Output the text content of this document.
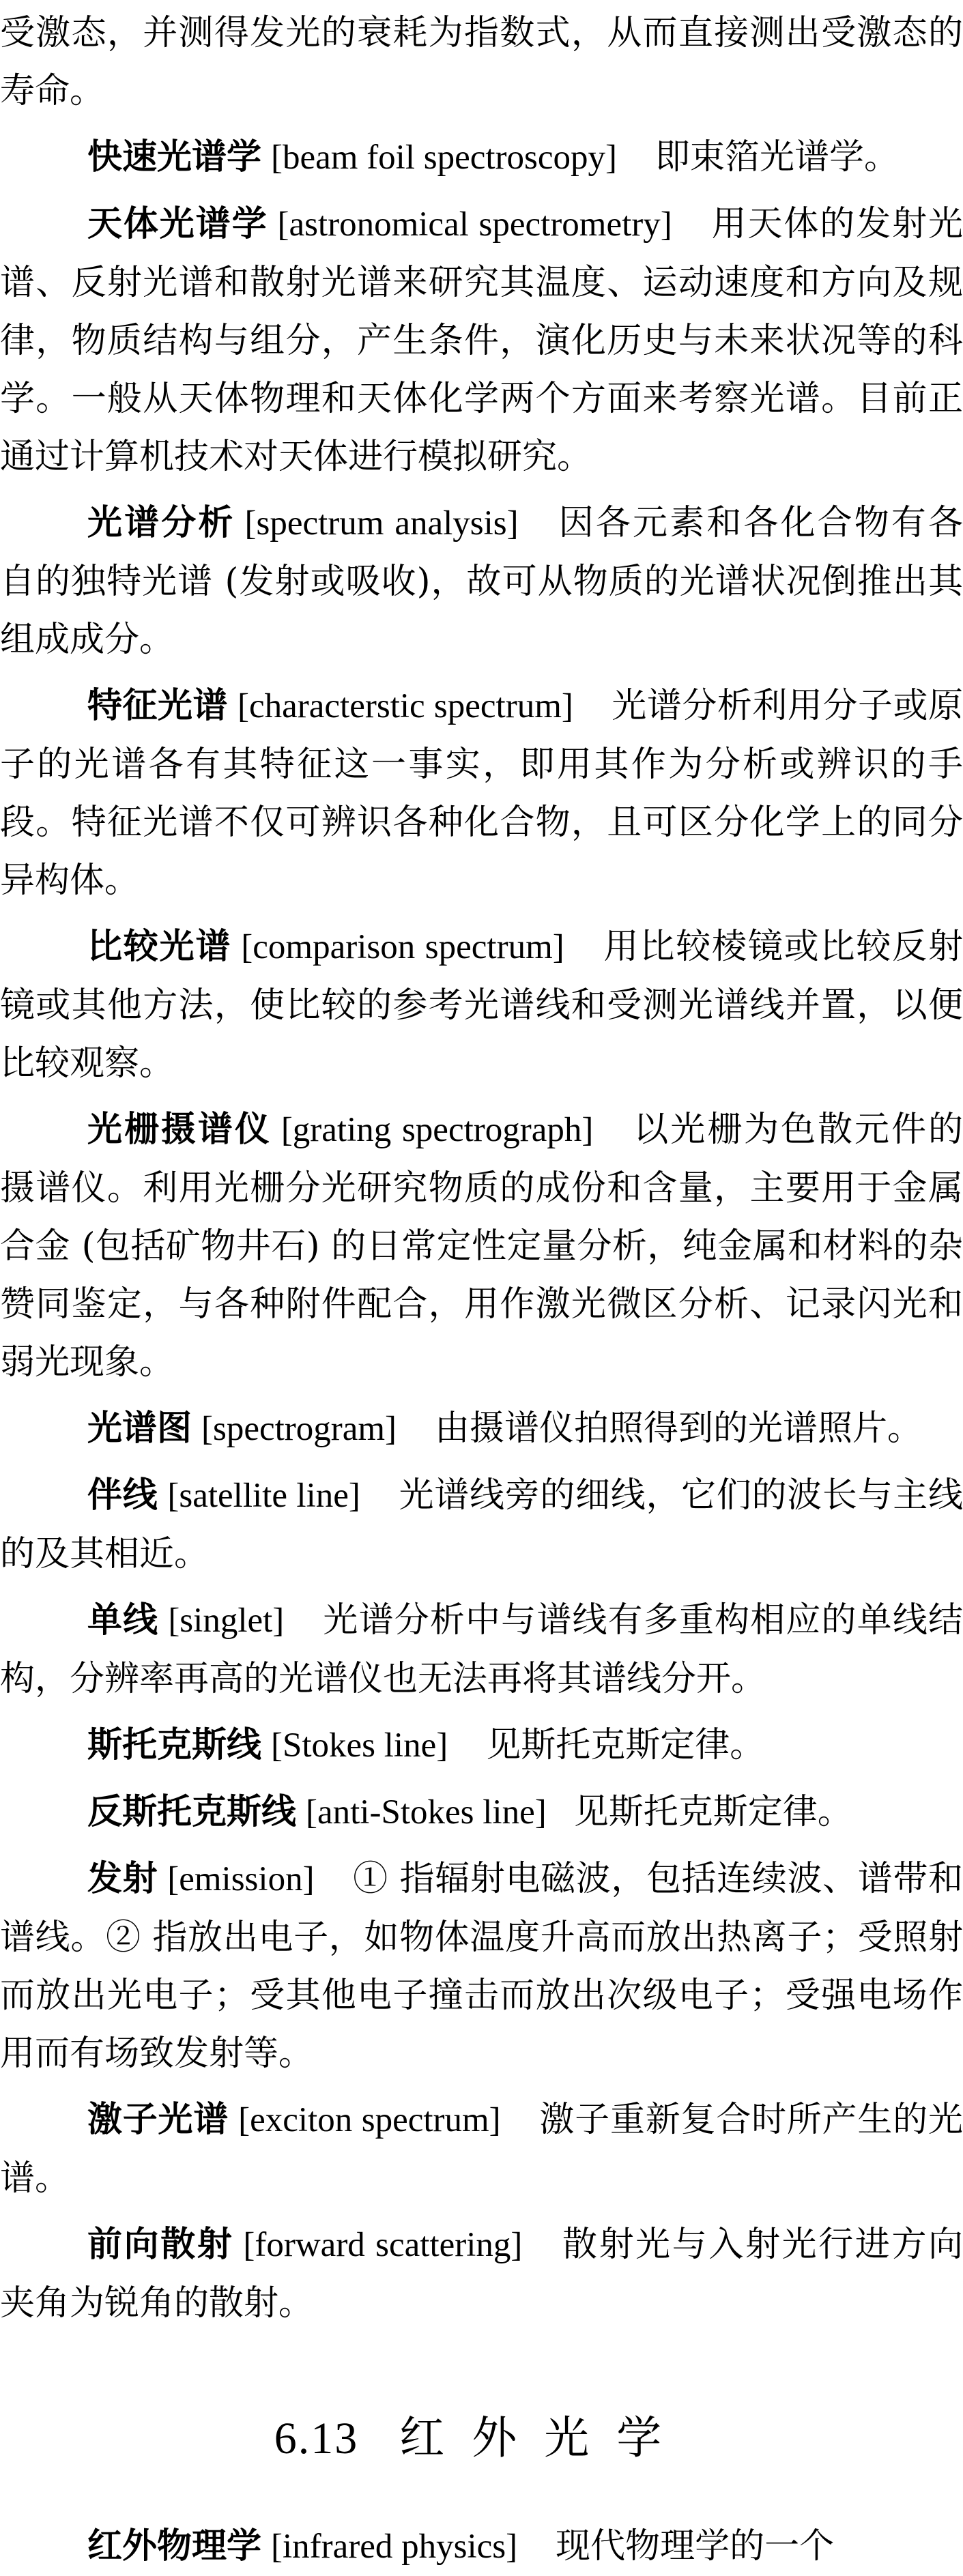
受激态，并测得发光的衰耗为指数式，从而直接测出受激态的寿命。

快速光谱学 [beam foil spectroscopy] 即束箔光谱学。

天体光谱学 [astronomical spectrometry] 用天体的发射光谱、反射光谱和散射光谱来研究其温度、运动速度和方向及规律，物质结构与组分，产生条件，演化历史与未来状况等的科学。一般从天体物理和天体化学两个方面来考察光谱。目前正通过计算机技术对天体进行模拟研究。

光谱分析 [spectrum analysis] 因各元素和各化合物有各自的独特光谱 (发射或吸收)，故可从物质的光谱状况倒推出其组成成分。

特征光谱 [characterstic spectrum] 光谱分析利用分子或原子的光谱各有其特征这一事实，即用其作为分析或辨识的手段。特征光谱不仅可辨识各种化合物，且可区分化学上的同分异构体。

比较光谱 [comparison spectrum] 用比较棱镜或比较反射镜或其他方法，使比较的参考光谱线和受测光谱线并置，以便比较观察。

光栅摄谱仪 [grating spectrograph] 以光栅为色散元件的摄谱仪。利用光栅分光研究物质的成份和含量，主要用于金属合金 (包括矿物井石) 的日常定性定量分析，纯金属和材料的杂赞同鉴定，与各种附件配合，用作激光微区分析、记录闪光和弱光现象。

光谱图 [spectrogram] 由摄谱仪拍照得到的光谱照片。

伴线 [satellite line] 光谱线旁的细线，它们的波长与主线的及其相近。

单线 [singlet] 光谱分析中与谱线有多重构相应的单线结构，分辨率再高的光谱仪也无法再将其谱线分开。

斯托克斯线 [Stokes line] 见斯托克斯定律。

反斯托克斯线 [anti-Stokes line] 见斯托克斯定律。

发射 [emission] ① 指辐射电磁波，包括连续波、谱带和谱线。② 指放出电子，如物体温度升高而放出热离子；受照射而放出光电子；受其他电子撞击而放出次级电子；受强电场作用而有场致发射等。

激子光谱 [exciton spectrum] 激子重新复合时所产生的光谱。

前向散射 [forward scattering] 散射光与入射光行进方向夹角为锐角的散射。

6.13 红外光学

红外物理学 [infrared physics] 现代物理学的一个
